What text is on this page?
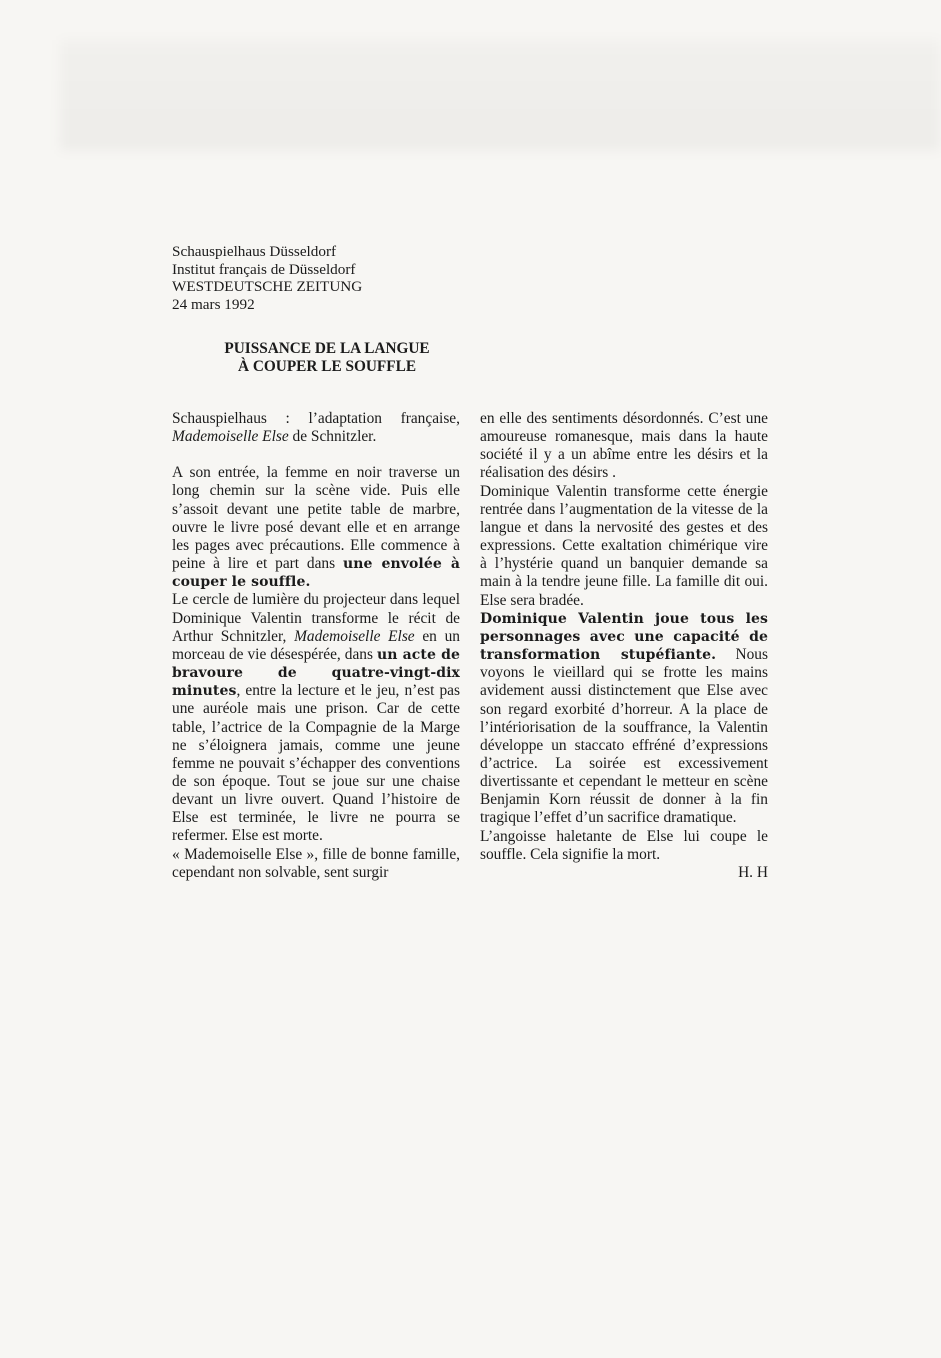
Schauspielhaus Düsseldorf
Institut français de Düsseldorf
WESTDEUTSCHE ZEITUNG
24 mars 1992
PUISSANCE DE LA LANGUE
À COUPER LE SOUFFLE

Schauspielhaus : l’adaptation française, Mademoiselle Else de Schnitzler.

A son entrée, la femme en noir traverse un long chemin sur la scène vide. Puis elle s’assoit devant une petite table de marbre, ouvre le livre posé devant elle et en arrange les pages avec précautions. Elle commence à peine à lire et part dans une envolée à couper le souffle.

Le cercle de lumière du projecteur dans lequel Dominique Valentin transforme le récit de Arthur Schnitzler, Mademoiselle Else en un morceau de vie désespérée, dans un acte de bravoure de quatre-vingt-dix minutes, entre la lecture et le jeu, n’est pas une auréole mais une prison. Car de cette table, l’actrice de la Compagnie de la Marge ne s’éloignera jamais, comme une jeune femme ne pouvait s’échapper des conventions de son époque. Tout se joue sur une chaise devant un livre ouvert. Quand l’histoire de Else est terminée, le livre ne pourra se refermer. Else est morte.

« Mademoiselle Else », fille de bonne famille, cependant non solvable, sent surgir

en elle des sentiments désordonnés. C’est une amoureuse romanesque, mais dans la haute société il y a un abîme entre les désirs et la réalisation des désirs .

Dominique Valentin transforme cette énergie rentrée dans l’augmentation de la vitesse de la langue et dans la nervosité des gestes et des expressions. Cette exaltation chimérique vire à l’hystérie quand un banquier demande sa main à la tendre jeune fille. La famille dit oui. Else sera bradée.

Dominique Valentin joue tous les personnages avec une capacité de transformation stupéfiante. Nous voyons le vieillard qui se frotte les mains avidement aussi distinctement que Else avec son regard exorbité d’horreur. A la place de l’intériorisation de la souffrance, la Valentin développe un staccato effréné d’expressions d’actrice. La soirée est excessivement divertissante et cependant le metteur en scène Benjamin Korn réussit de donner à la fin tragique l’effet d’un sacrifice dramatique.

L’angoisse haletante de Else lui coupe le souffle. Cela signifie la mort.

H. H
